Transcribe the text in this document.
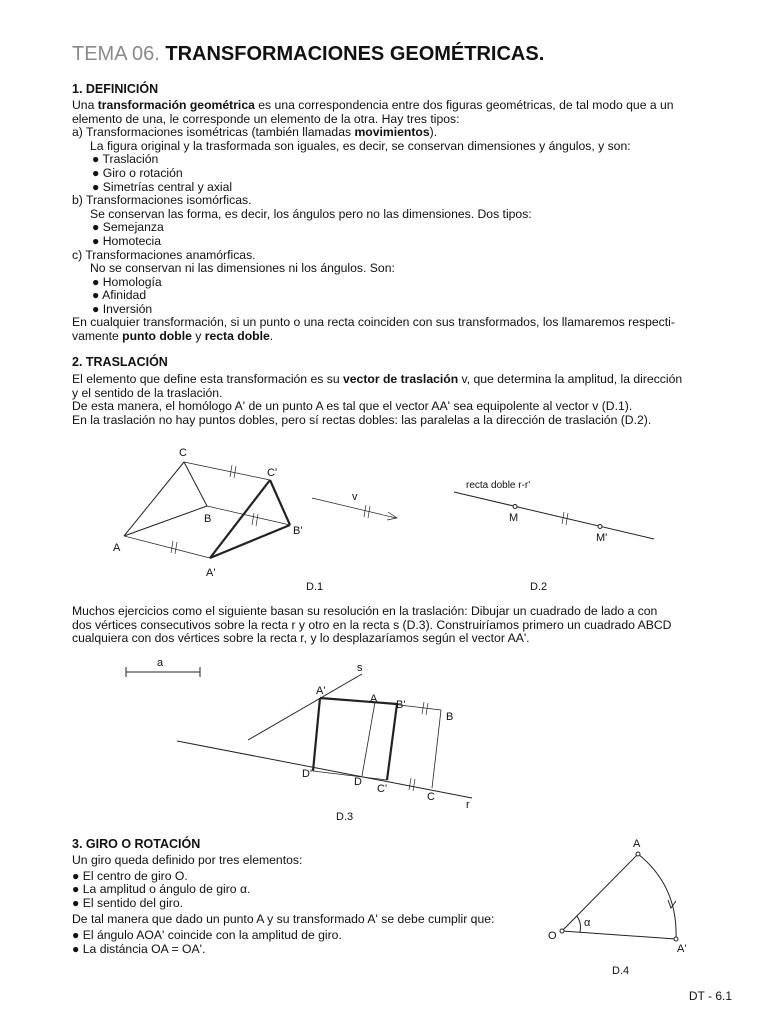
TEMA 06. TRANSFORMACIONES GEOMÉTRICAS.
1. DEFINICIÓN
Una transformación geométrica es una correspondencia entre dos figuras geométricas, de tal modo que a un
elemento de una, le corresponde un elemento de la otra. Hay tres tipos:
a) Transformaciones isométricas (también llamadas movimientos).
La figura original y la trasformada son iguales, es decir, se conservan dimensiones y ángulos, y son:
● Traslación
● Giro o rotación
● Simetrías central y axial
b) Transformaciones isomórficas.
Se conservan las forma, es decir, los ángulos pero no las dimensiones. Dos tipos:
● Semejanza
● Homotecia
c) Transformaciones anamórficas.
No se conservan ni las dimensiones ni los ángulos. Son:
● Homología
● Afinidad
● Inversión
En cualquier transformación, si un punto o una recta coinciden con sus transformados, los llamaremos respecti-
vamente punto doble y recta doble.
2. TRASLACIÓN
El elemento que define esta transformación es su vector de traslación v, que determina la amplitud, la dirección
y el sentido de la traslación.
De esta manera, el homólogo A' de un punto A es tal que el vector AA' sea equipolente al vector v (D.1).
En la traslación no hay puntos dobles, pero sí rectas dobles: las paralelas a la dirección de traslación (D.2).
C
C'
B
B'
A
A'
v
D.1
recta doble r-r'
M
M'
D.2
Muchos ejercicios como el siguiente basan su resolución en la traslación: Dibujar un cuadrado de lado a con
dos vértices consecutivos sobre la recta r y otro en la recta s (D.3). Construiríamos primero un cuadrado ABCD
cualquiera con dos vértices sobre la recta r, y lo desplazaríamos según el vector AA'.
a	s
A'
A B'
B
D'
D
C'
C
r
D.3
3. GIRO O ROTACIÓN
Un giro queda definido por tres elementos:
● El centro de giro O.
● La amplitud o ángulo de giro α.
● El sentido del giro.
De tal manera que dado un punto A y su transformado A' se debe cumplir que:
● El ángulo AOA' coincide con la amplitud de giro.
● La distáncia OA = OA'.
A
O
α
A'
D.4
DT - 6.1
